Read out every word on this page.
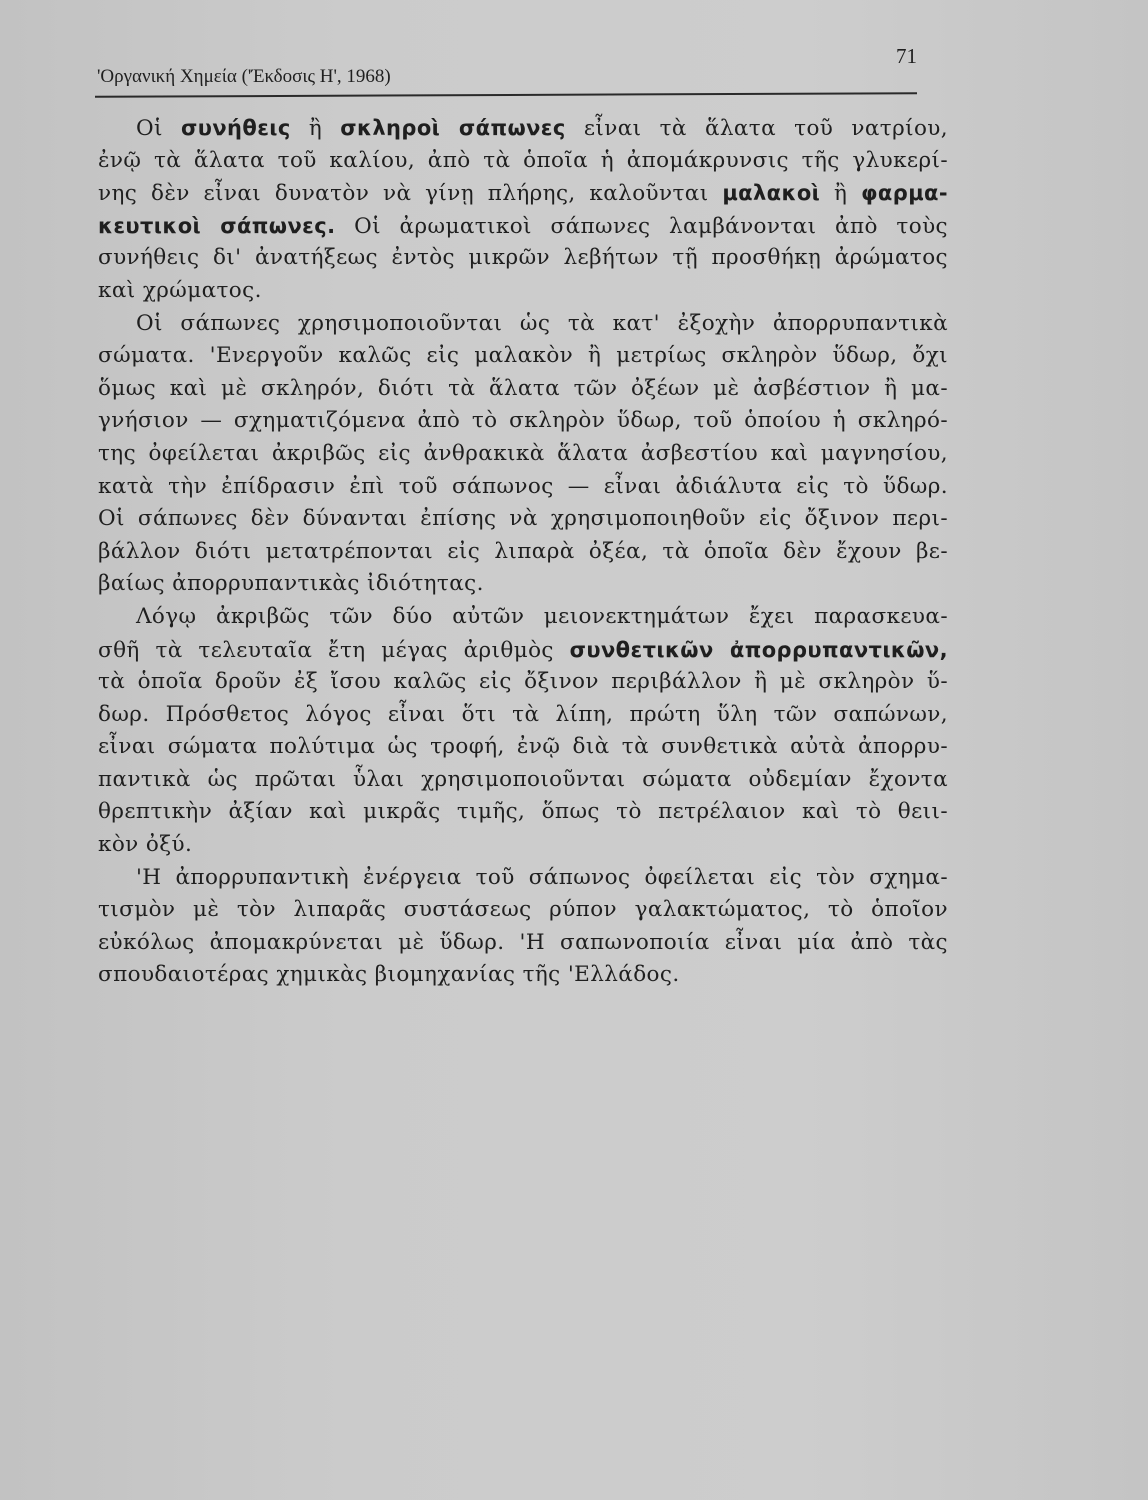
'Οργανική Χημεία ('Έκδοσις Η', 1968)
71
Οἱ συνήθεις ἢ σκληροὶ σάπωνες εἶναι τὰ ἅλατα τοῦ νατρίου,
ἐνῷ τὰ ἅλατα τοῦ καλίου, ἀπὸ τὰ ὁποῖα ἡ ἀπομάκρυνσις τῆς γλυκερί-
νης δὲν εἶναι δυνατὸν νὰ γίνῃ πλήρης, καλοῦνται μαλακοὶ ἢ φαρμα-
κευτικοὶ σάπωνες. Οἱ ἀρωματικοὶ σάπωνες λαμβάνονται ἀπὸ τοὺς
συνήθεις δι' ἀνατήξεως ἐντὸς μικρῶν λεβήτων τῇ προσθήκῃ ἀρώματος
καὶ χρώματος.
Οἱ σάπωνες χρησιμοποιοῦνται ὡς τὰ κατ' ἐξοχὴν ἀπορρυπαντικὰ
σώματα. 'Ενεργοῦν καλῶς εἰς μαλακὸν ἢ μετρίως σκληρὸν ὕδωρ, ὄχι
ὅμως καὶ μὲ σκληρόν, διότι τὰ ἅλατα τῶν ὀξέων μὲ ἀσβέστιον ἢ μα-
γνήσιον — σχηματιζόμενα ἀπὸ τὸ σκληρὸν ὕδωρ, τοῦ ὁποίου ἡ σκληρό-
της ὀφείλεται ἀκριβῶς εἰς ἀνθρακικὰ ἅλατα ἀσβεστίου καὶ μαγνησίου,
κατὰ τὴν ἐπίδρασιν ἐπὶ τοῦ σάπωνος — εἶναι ἀδιάλυτα εἰς τὸ ὕδωρ.
Οἱ σάπωνες δὲν δύνανται ἐπίσης νὰ χρησιμοποιηθοῦν εἰς ὄξινον περι-
βάλλον διότι μετατρέπονται εἰς λιπαρὰ ὀξέα, τὰ ὁποῖα δὲν ἔχουν βε-
βαίως ἀπορρυπαντικὰς ἰδιότητας.
Λόγῳ ἀκριβῶς τῶν δύο αὐτῶν μειονεκτημάτων ἔχει παρασκευα-
σθῆ τὰ τελευταῖα ἔτη μέγας ἀριθμὸς συνθετικῶν ἀπορρυπαντικῶν,
τὰ ὁποῖα δροῦν ἐξ ἴσου καλῶς εἰς ὄξινον περιβάλλον ἢ μὲ σκληρὸν ὕ-
δωρ. Πρόσθετος λόγος εἶναι ὅτι τὰ λίπη, πρώτη ὕλη τῶν σαπώνων,
εἶναι σώματα πολύτιμα ὡς τροφή, ἐνῷ διὰ τὰ συνθετικὰ αὐτὰ ἀπορρυ-
παντικὰ ὡς πρῶται ὗλαι χρησιμοποιοῦνται σώματα οὐδεμίαν ἔχοντα
θρεπτικὴν ἀξίαν καὶ μικρᾶς τιμῆς, ὅπως τὸ πετρέλαιον καὶ τὸ θειι-
κὸν ὀξύ.
'Η ἀπορρυπαντικὴ ἐνέργεια τοῦ σάπωνος ὀφείλεται εἰς τὸν σχημα-
τισμὸν μὲ τὸν λιπαρᾶς συστάσεως ρύπον γαλακτώματος, τὸ ὁποῖον
εὐκόλως ἀπομακρύνεται μὲ ὕδωρ. 'Η σαπωνοποιία εἶναι μία ἀπὸ τὰς
σπουδαιοτέρας χημικὰς βιομηχανίας τῆς 'Ελλάδος.
